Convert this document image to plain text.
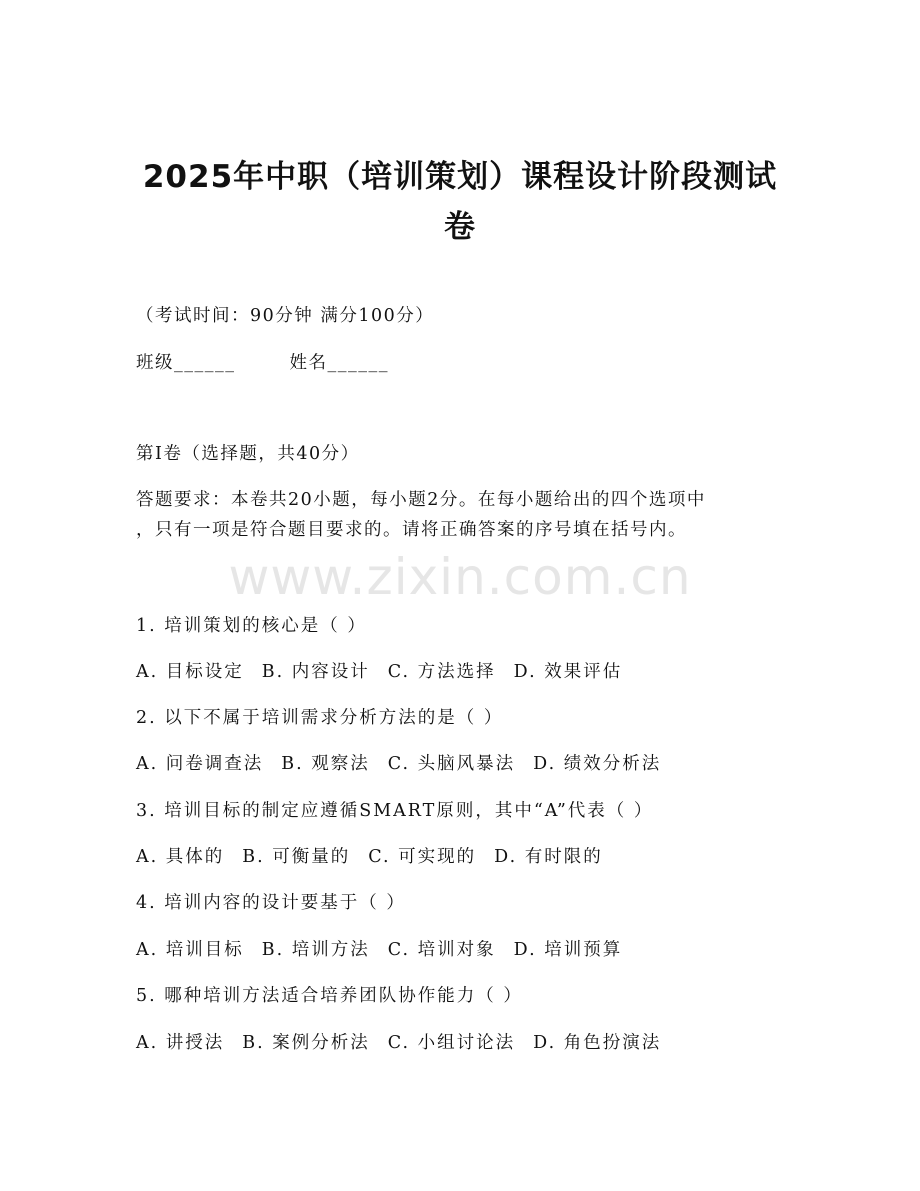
2025年中职（培训策划）课程设计阶段测试
卷
（考试时间：90分钟 满分100分）
班级______	姓名______
第I卷（选择题，共40分）
答题要求：本卷共20小题，每小题2分。在每小题给出的四个选项中
，只有一项是符合题目要求的。请将正确答案的序号填在括号内。
www.zixin.com.cn
1. 培训策划的核心是（ ）
A. 目标设定 B. 内容设计 C. 方法选择 D. 效果评估
2. 以下不属于培训需求分析方法的是（ ）
A. 问卷调查法 B. 观察法 C. 头脑风暴法 D. 绩效分析法
3. 培训目标的制定应遵循SMART原则，其中“A”代表（ ）
A. 具体的 B. 可衡量的 C. 可实现的 D. 有时限的
4. 培训内容的设计要基于（ ）
A. 培训目标 B. 培训方法 C. 培训对象 D. 培训预算
5. 哪种培训方法适合培养团队协作能力（ ）
A. 讲授法 B. 案例分析法 C. 小组讨论法 D. 角色扮演法
